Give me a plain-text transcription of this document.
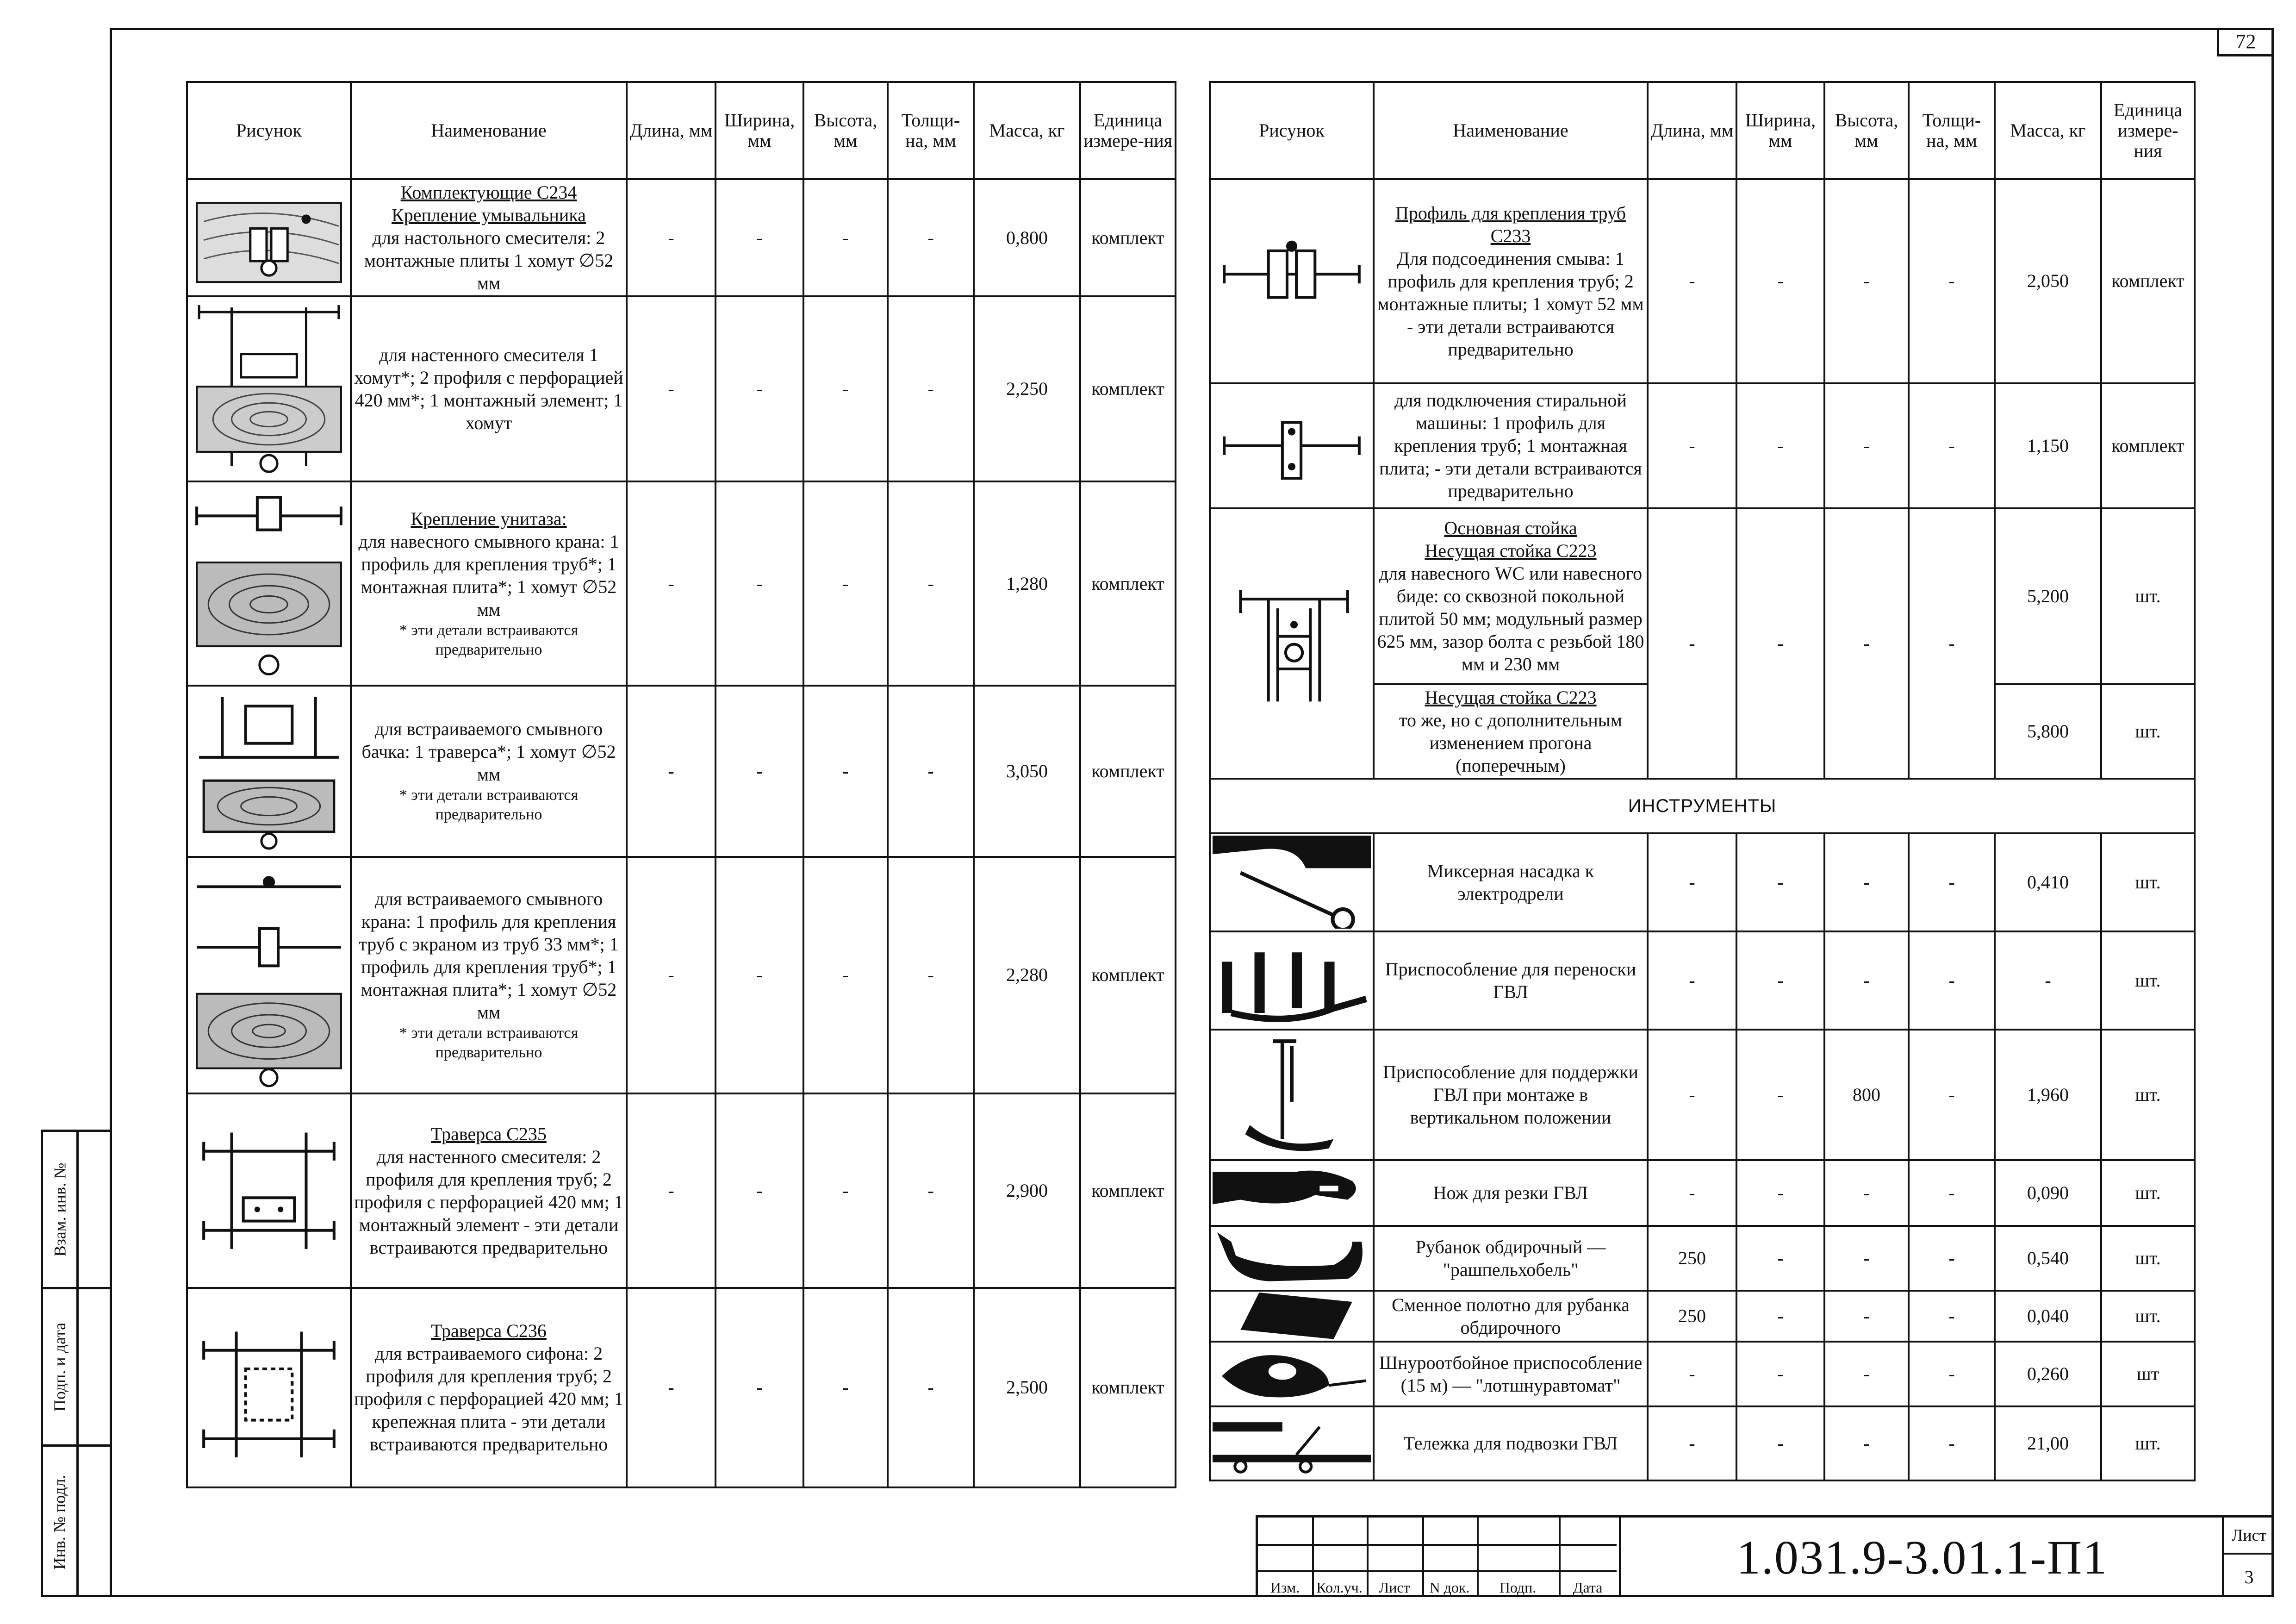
72
Взам. инв. №
Подп. и дата
Инв. № подл.
Рисунок	Наименование	Длина, мм	Ширина, мм	Высота, мм	Толщи-на, мм	Масса, кг	Единица измере-ния

Комплектующие С234
Крепление умывальника
для настольного смесителя: 2 монтажные плиты 1 хомут ∅52 мм	-	-	-	-	0,800	комплект

	для настенного смесителя 1 хомут*; 2 профиля с перфорацией 420 мм*; 1 монтажный элемент; 1 хомут	-	-	-	-	2,250	комплект

Крепление унитаза:
для навесного смывного крана: 1 профиль для крепления труб*; 1 монтажная плита*; 1 хомут ∅52 мм
* эти детали встраиваются предварительно	-	-	-	-	1,280	комплект

	для встраиваемого смывного бачка: 1 траверса*; 1 хомут ∅52 мм
* эти детали встраиваются предварительно	-	-	-	-	3,050	комплект

	для встраиваемого смывного крана: 1 профиль для крепления труб с экраном из труб 33 мм*; 1 профиль для крепления труб*; 1 монтажная плита*; 1 хомут ∅52 мм
* эти детали встраиваются предварительно	-	-	-	-	2,280	комплект

Траверса С235
для настенного смесителя: 2 профиля для крепления труб; 2 профиля с перфорацией 420 мм; 1 монтажный элемент - эти детали встраиваются предварительно	-	-	-	-	2,900	комплект

Траверса С236
для встраиваемого сифона: 2 профиля для крепления труб; 2 профиля с перфорацией 420 мм; 1 крепежная плита - эти детали встраиваются предварительно	-	-	-	-	2,500	комплект
Рисунок	Наименование	Длина, мм	Ширина, мм	Высота, мм	Толщи-на, мм	Масса, кг	Единица измере-ния

Профиль для крепления труб С233
Для подсоединения смыва: 1 профиль для крепления труб; 2 монтажные плиты; 1 хомут 52 мм - эти детали встраиваются предварительно	-	-	-	-	2,050	комплект

	для подключения стиральной машины: 1 профиль для крепления труб; 1 монтажная плита; - эти детали встраиваются предварительно	-	-	-	-	1,150	комплект

Основная стойка
Несущая стойка С223
для навесного WC или навесного биде: со сквозной покольной плитой 50 мм; модульный размер 625 мм, зазор болта с резьбой 180 мм и 230 мм	-	-	-	-	5,200	шт.

	Несущая стойка С223
то же, но с дополнительным изменением прогона (поперечным)					5,800	шт.
ИНСТРУМЕНТЫ							

	Миксерная насадка к электродрели	-	-	-	-	0,410	шт.

	Приспособление для переноски ГВЛ	-	-	-	-	-	шт.

	Приспособление для поддержки ГВЛ при монтаже в вертикальном положении	-	-	800	-	1,960	шт.

	Нож для резки ГВЛ	-	-	-	-	0,090	шт.

	Рубанок обдирочный — "рашпельхобель"	250	-	-	-	0,540	шт.

	Сменное полотно для рубанка обдирочного	250	-	-	-	0,040	шт.

	Шнуроотбойное приспособление (15 м) — "лотшнуравтомат"	-	-	-	-	0,260	шт

	Тележка для подвозки ГВЛ	-	-	-	-	21,00	шт.
Изм.	Кол.уч.	Лист	N док.	Подп.	Дата
1.031.9-3.01.1-П1	Лист
3
